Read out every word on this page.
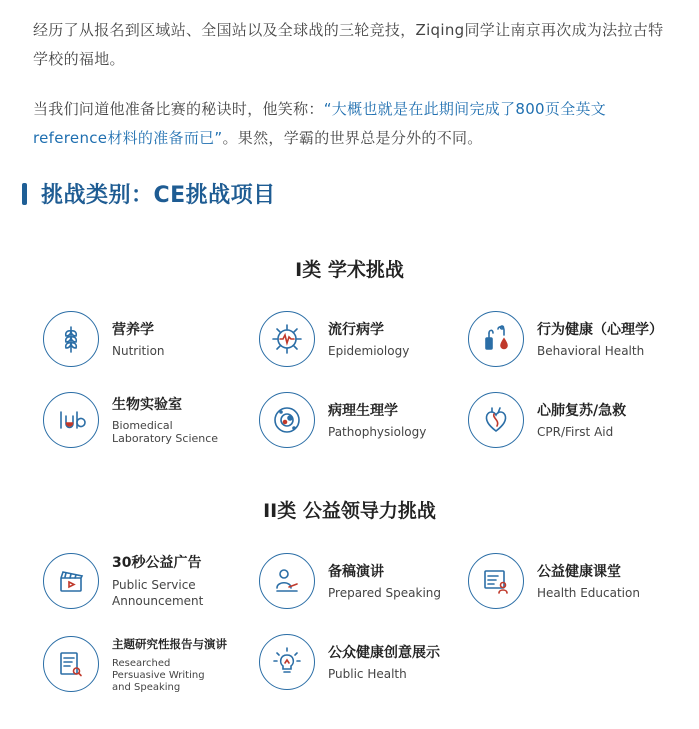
经历了从报名到区域站、全国站以及全球战的三轮竞技，Ziqing同学让南京再次成为法拉古特学校的福地。
当我们问道他准备比赛的秘诀时，他笑称：“大概也就是在此期间完成了800页全英文reference材料的准备而已”。果然，学霸的世界总是分外的不同。
挑战类别：CE挑战项目
I类 学术挑战
营养学
Nutrition
流行病学
Epidemiology
行为健康（心理学）
Behavioral Health
生物实验室
Biomedical Laboratory Science
病理生理学
Pathophysiology
心肺复苏/急救
CPR/First Aid
II类 公益领导力挑战
30秒公益广告
Public Service Announcement
备稿演讲
Prepared Speaking
公益健康课堂
Health Education
主题研究性报告与演讲
Researched Persuasive Writing and Speaking
公众健康创意展示
Public Health
